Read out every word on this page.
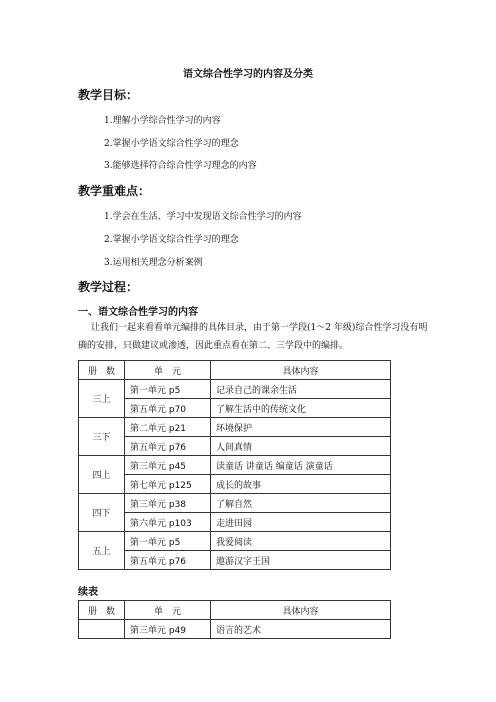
语文综合性学习的内容及分类
教学目标：
1.理解小学综合性学习的内容
2.掌握小学语文综合性学习的理念
3.能够选择符合综合性学习理念的内容
教学重难点：
1.学会在生活、学习中发现语文综合性学习的内容
2.掌握小学语文综合性学习的理念
3.运用相关理念分析案例
教学过程：
一、语文综合性学习的内容
让我们一起来看看单元编排的具体目录，由于第一学段(1～2 年级)综合性学习没有明确的安排，只做建议或渗透，因此重点看在第二、三学段中的编排。
册　数	单　元	具体内容
三上	第一单元 p5	记录自己的课余生活
	第五单元 p70	了解生活中的传统文化
三下	第二单元 p21	环境保护
	第五单元 p76	人间真情
四上	第三单元 p45	读童话 讲童话 编童话 演童话
	第七单元 p125	成长的故事
四下	第三单元 p38	了解自然
	第六单元 p103	走进田园
五上	第一单元 p5	我爱阅读
	第五单元 p76	遨游汉字王国
续表
册　数	单　元	具体内容
	第三单元 p49	语言的艺术
